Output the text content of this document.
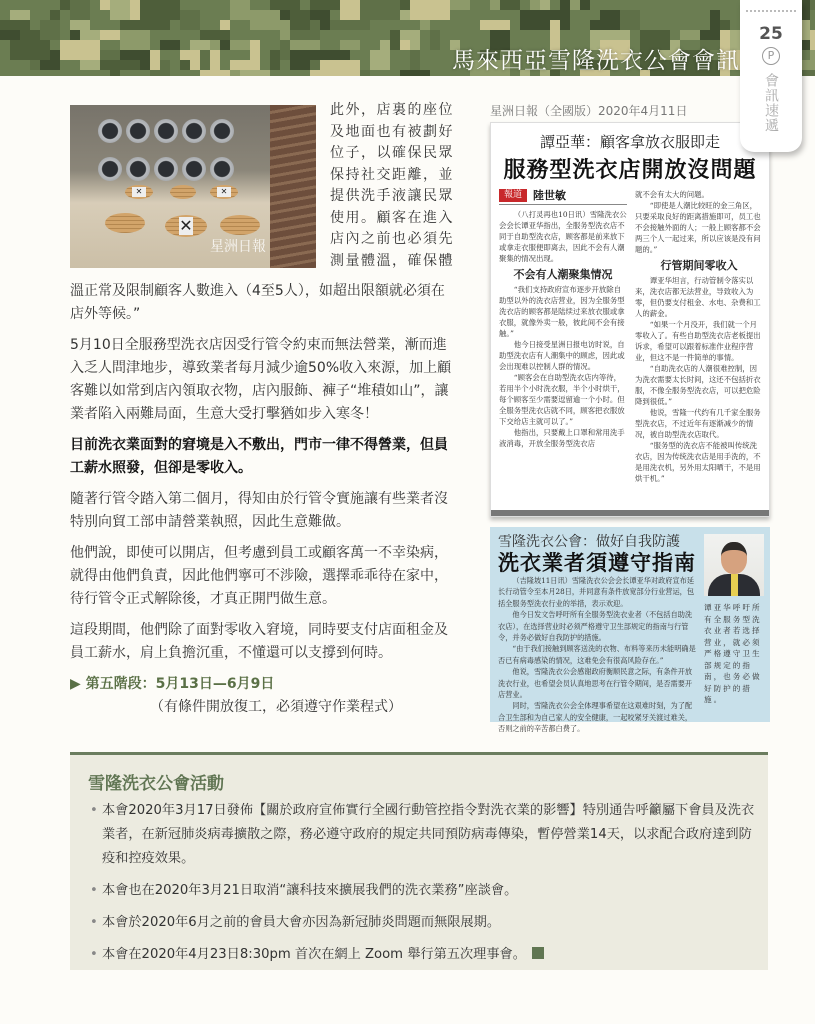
馬來西亞雪隆洗衣公會會訊
25
P
會訊速遞
星洲日報
✕	✕
✕
此外，店裏的座位及地面也有被劃好位子，以確保民眾保持社交距離，並提供洗手液讓民眾使用。顧客在進入店內之前也必須先測量體溫，確保體

溫正常及限制顧客人數進入（4至5人），如超出限額就必須在店外等候。”

5月10日全服務型洗衣店因受行管令約束而無法營業，漸而進入乏人問津地步，導致業者每月減少逾50%收入來源，加上顧客難以如常到店內領取衣物，店內服飾、褲子“堆積如山”，讓業者陷入兩難局面，生意大受打擊猶如步入寒冬！

目前洗衣業面對的窘境是入不敷出，門市一律不得營業，但員工薪水照發，但卻是零收入。

隨著行管令踏入第二個月，得知由於行管令實施讓有些業者沒特別向貿工部申請營業執照，因此生意難做。

他們說，即使可以開店，但考慮到員工或顧客萬一不幸染病，就得由他們負責，因此他們寧可不涉險，選擇乖乖待在家中，待行管令正式解除後，才真正開門做生意。

這段期間，他們除了面對零收入窘境，同時要支付店面租金及員工薪水，肩上負擔沉重，不懂還可以支撐到何時。

▶ 第五階段：5月13日—6月9日

（有條件開放復工，必須遵守作業程式）

星洲日報（全國版）2020年4月11日
譚亞華：顧客拿放衣服即走
服務型洗衣店開放沒問題
報道	陸世敏

（八打灵再也10日讯）雪隆洗衣公会会长谭亚华指出，全服务型洗衣店不同于自助型洗衣店，顾客都是前来放下或拿走衣服便即离去，因此不会有人潮聚集的情况出现。

不会有人潮聚集情况

“我们支持政府宣布逐步开放除自助型以外的洗衣店营业，因为全服务型洗衣店的顾客都是陆续过来放衣服或拿衣服，就像外卖一般，彼此间不会有接触。”

他今日接受星洲日报电访时说，自助型洗衣店有人潮集中的顾虑，因此或会出现难以控制人群的情况。

“顾客会在自助型洗衣店内等待，若用半个小时洗衣服，半个小时烘干，每个顾客至少需要逗留逾一个小时。但全服务型洗衣店就不同，顾客把衣服放下交给店主就可以了。”

他指出，只要戴上口罩和常用洗手液消毒，开放全服务型洗衣店

就不会有太大的问题。

“即使是人潮比较旺的金三角区，只要采取良好的距离措施即可，员工也不会接触外面的人；一般上顾客都不会两三个人一起过来，所以应该是没有问题的。”

行管期间零收入

谭亚华坦言，行动管制令落实以来，洗衣店都无法营业，导致收入为零，但仍要支付租金、水电、杂费和工人的薪金。

“如果一个月没开，我们就一个月零收入了。有些自助型洗衣店老板提出诉求，希望可以跟着标准作业程序营业，但这不是一件简单的事情。

“自助洗衣店的人潮很难控制，因为洗衣需要太长时间，这还不包括折衣服，不像全服务型洗衣店，可以把危险降到很低。”

他说，雪隆一代约有几千家全服务型洗衣店，不过近年有逐渐减少的情况，被自助型洗衣店取代。

“服务型的洗衣店不能被叫传统洗衣店，因为传统洗衣店是用手洗的，不是用洗衣机，另外用太阳晒干，不是用烘干机。”

雪隆洗衣公會：做好自我防護
洗衣業者須遵守指南

（吉隆坡11日讯）雪隆洗衣公会会长谭亚华对政府宣布延长行动管令至本月28日，并同意有条件放宽部分行业营运，包括全服务型洗衣行业的举措，表示欢迎。

他今日发文告呼吁所有全服务型洗衣业者（不包括自助洗衣店），在选择营业时必须严格遵守卫生部规定的指南与行管令，并务必做好自我防护的措施。

“由于我们接触到顾客送洗的衣物、布料等来历未能明确是否已有病毒感染的情况，这难免会有很高风险存在。”

他说，雪隆洗衣公会感谢政府衡顺民意之际，有条件开放洗衣行业，也希望会员认真地思考在行管令期间，是否需要开店营业。

同时，雪隆洗衣公会全体理事希望在这艰难时刻，为了配合卫生部和为自己家人的安全健康，一起咬紧牙关渡过难关，否则之前的辛苦都白费了。

谭亚华呼吁所有全服务型洗衣业者若选择营业，就必须严格遵守卫生部规定的指南，也务必做好防护的措施。
雪隆洗衣公會活動
• 本會2020年3月17日發佈【關於政府宣佈實行全國行動管控指令對洗衣業的影響】特別通告呼籲屬下會員及洗衣業者，在新冠肺炎病毒擴散之際，務必遵守政府的規定共同預防病毒傳染，暫停營業14天，以求配合政府達到防疫和控疫效果。
• 本會也在2020年3月21日取消“讓科技來擴展我們的洗衣業務”座談會。
• 本會於2020年6月之前的會員大會亦因為新冠肺炎問題而無限展期。
• 本會在2020年4月23日8:30pm 首次在網上 Zoom 舉行第五次理事會。
